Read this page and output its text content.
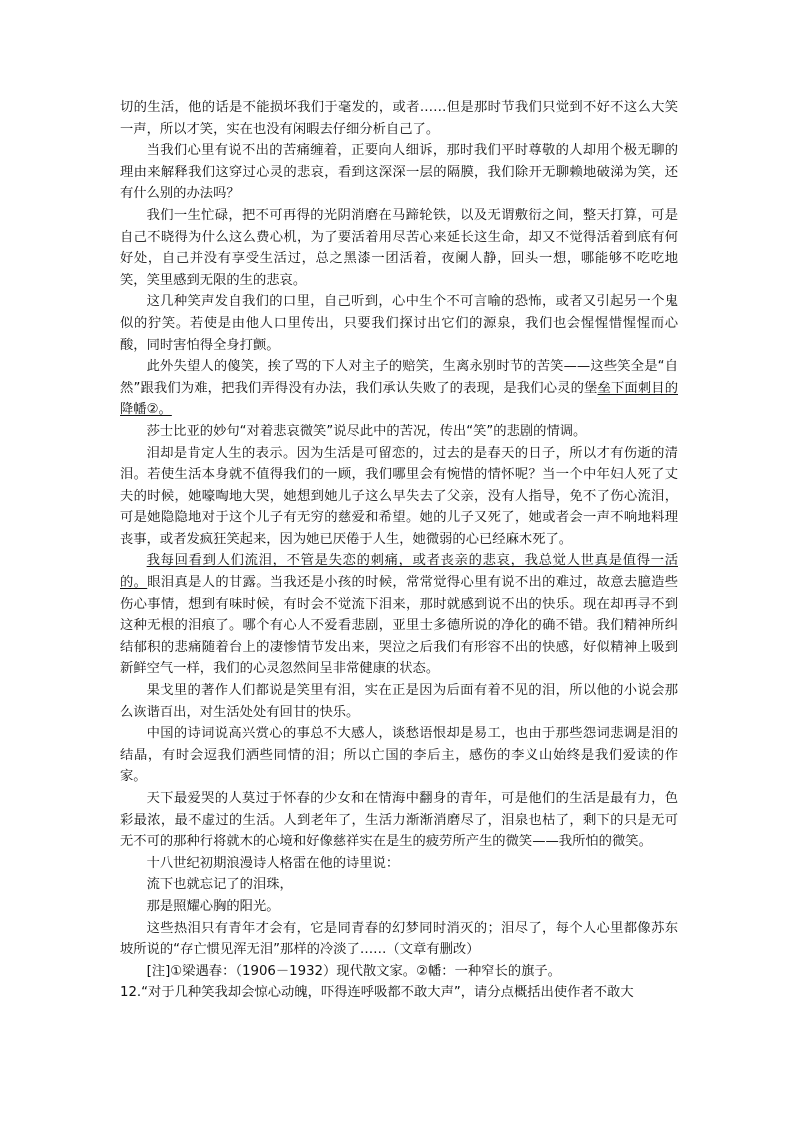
切的生活，他的话是不能损坏我们于毫发的，或者……但是那时节我们只觉到不好不这么大笑一声，所以才笑，实在也没有闲暇去仔细分析自己了。

当我们心里有说不出的苦痛缠着，正要向人细诉，那时我们平时尊敬的人却用个极无聊的理由来解释我们这穿过心灵的悲哀，看到这深深一层的隔膜，我们除开无聊赖地破涕为笑，还有什么别的办法吗？

我们一生忙碌，把不可再得的光阴消磨在马蹄轮铁，以及无谓敷衍之间，整天打算，可是自己不晓得为什么这么费心机，为了要活着用尽苦心来延长这生命，却又不觉得活着到底有何好处，自己并没有享受生活过，总之黑漆一团活着，夜阑人静，回头一想，哪能够不吃吃地笑，笑里感到无限的生的悲哀。

这几种笑声发自我们的口里，自己听到，心中生个不可言喻的恐怖，或者又引起另一个鬼似的狞笑。若使是由他人口里传出，只要我们探讨出它们的源泉，我们也会惺惺惜惺惺而心酸，同时害怕得全身打颤。

此外失望人的傻笑，挨了骂的下人对主子的赔笑，生离永别时节的苦笑——这些笑全是“自然”跟我们为难，把我们弄得没有办法，我们承认失败了的表现，是我们心灵的堡垒下面刺目的降幡②。

莎士比亚的妙句“对着悲哀微笑”说尽此中的苦况，传出“笑”的悲剧的情调。

泪却是肯定人生的表示。因为生活是可留恋的，过去的是春天的日子，所以才有伤逝的清泪。若使生活本身就不值得我们的一顾，我们哪里会有惋惜的情怀呢？当一个中年妇人死了丈夫的时候，她嚎啕地大哭，她想到她儿子这么早失去了父亲，没有人指导，免不了伤心流泪，可是她隐隐地对于这个儿子有无穷的慈爱和希望。她的儿子又死了，她或者会一声不响地料理丧事，或者发疯狂笑起来，因为她已厌倦于人生，她微弱的心已经麻木死了。

我每回看到人们流泪，不管是失恋的刺痛，或者丧亲的悲哀，我总觉人世真是值得一活的。眼泪真是人的甘露。当我还是小孩的时候，常常觉得心里有说不出的难过，故意去臆造些伤心事情，想到有味时候，有时会不觉流下泪来，那时就感到说不出的快乐。现在却再寻不到这种无根的泪痕了。哪个有心人不爱看悲剧，亚里士多德所说的净化的确不错。我们精神所纠结郁积的悲痛随着台上的凄惨情节发出来，哭泣之后我们有形容不出的快感，好似精神上吸到新鲜空气一样，我们的心灵忽然间呈非常健康的状态。

果戈里的著作人们都说是笑里有泪，实在正是因为后面有着不见的泪，所以他的小说会那么诙谐百出，对生活处处有回甘的快乐。

中国的诗词说高兴赏心的事总不大感人，谈愁语恨却是易工，也由于那些怨词悲调是泪的结晶，有时会逗我们洒些同情的泪；所以亡国的李后主，感伤的李义山始终是我们爱读的作家。

天下最爱哭的人莫过于怀春的少女和在情海中翻身的青年，可是他们的生活是最有力，色彩最浓，最不虚过的生活。人到老年了，生活力渐渐消磨尽了，泪泉也枯了，剩下的只是无可无不可的那种行将就木的心境和好像慈祥实在是生的疲劳所产生的微笑——我所怕的微笑。

十八世纪初期浪漫诗人格雷在他的诗里说：

流下也就忘记了的泪珠，

那是照耀心胸的阳光。

这些热泪只有青年才会有，它是同青春的幻梦同时消灭的；泪尽了，每个人心里都像苏东坡所说的“存亡惯见浑无泪”那样的冷淡了……（文章有删改）

[注]①梁遇春：（1906－1932）现代散文家。②幡：一种窄长的旗子。

12.“对于几种笑我却会惊心动魄，吓得连呼吸都不敢大声”，请分点概括出使作者不敢大
